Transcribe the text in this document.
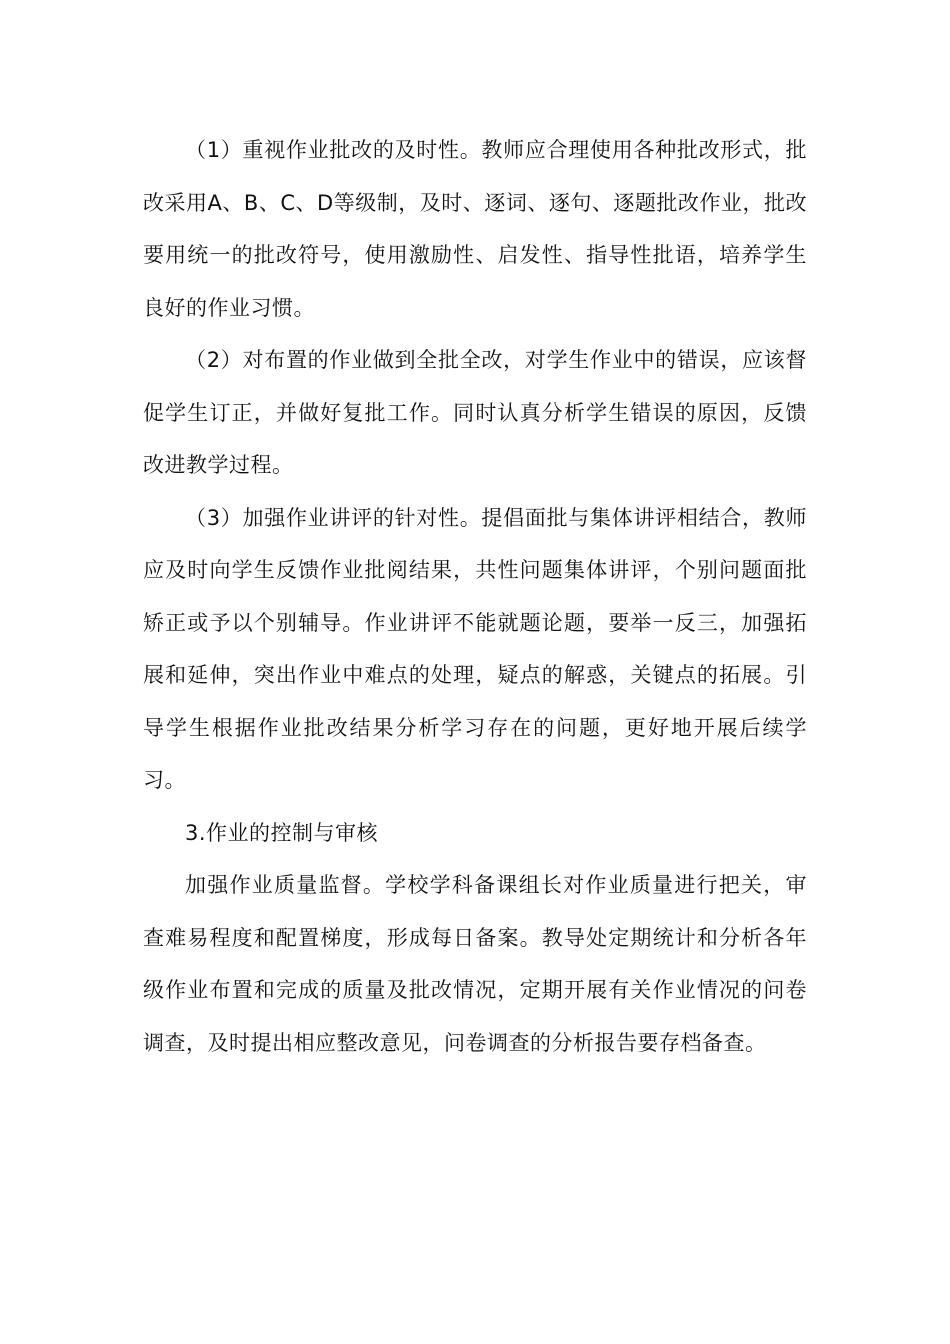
（1）重视作业批改的及时性。教师应合理使用各种批改形式，批改采用A、B、C、D等级制，及时、逐词、逐句、逐题批改作业，批改要用统一的批改符号，使用激励性、启发性、指导性批语，培养学生良好的作业习惯。

（2）对布置的作业做到全批全改，对学生作业中的错误，应该督促学生订正，并做好复批工作。同时认真分析学生错误的原因，反馈改进教学过程。

（3）加强作业讲评的针对性。提倡面批与集体讲评相结合，教师应及时向学生反馈作业批阅结果，共性问题集体讲评，个别问题面批矫正或予以个别辅导。作业讲评不能就题论题，要举一反三，加强拓展和延伸，突出作业中难点的处理，疑点的解惑，关键点的拓展。引导学生根据作业批改结果分析学习存在的问题，更好地开展后续学习。

3.作业的控制与审核

加强作业质量监督。学校学科备课组长对作业质量进行把关，审查难易程度和配置梯度，形成每日备案。教导处定期统计和分析各年级作业布置和完成的质量及批改情况，定期开展有关作业情况的问卷调查，及时提出相应整改意见，问卷调查的分析报告要存档备查。
